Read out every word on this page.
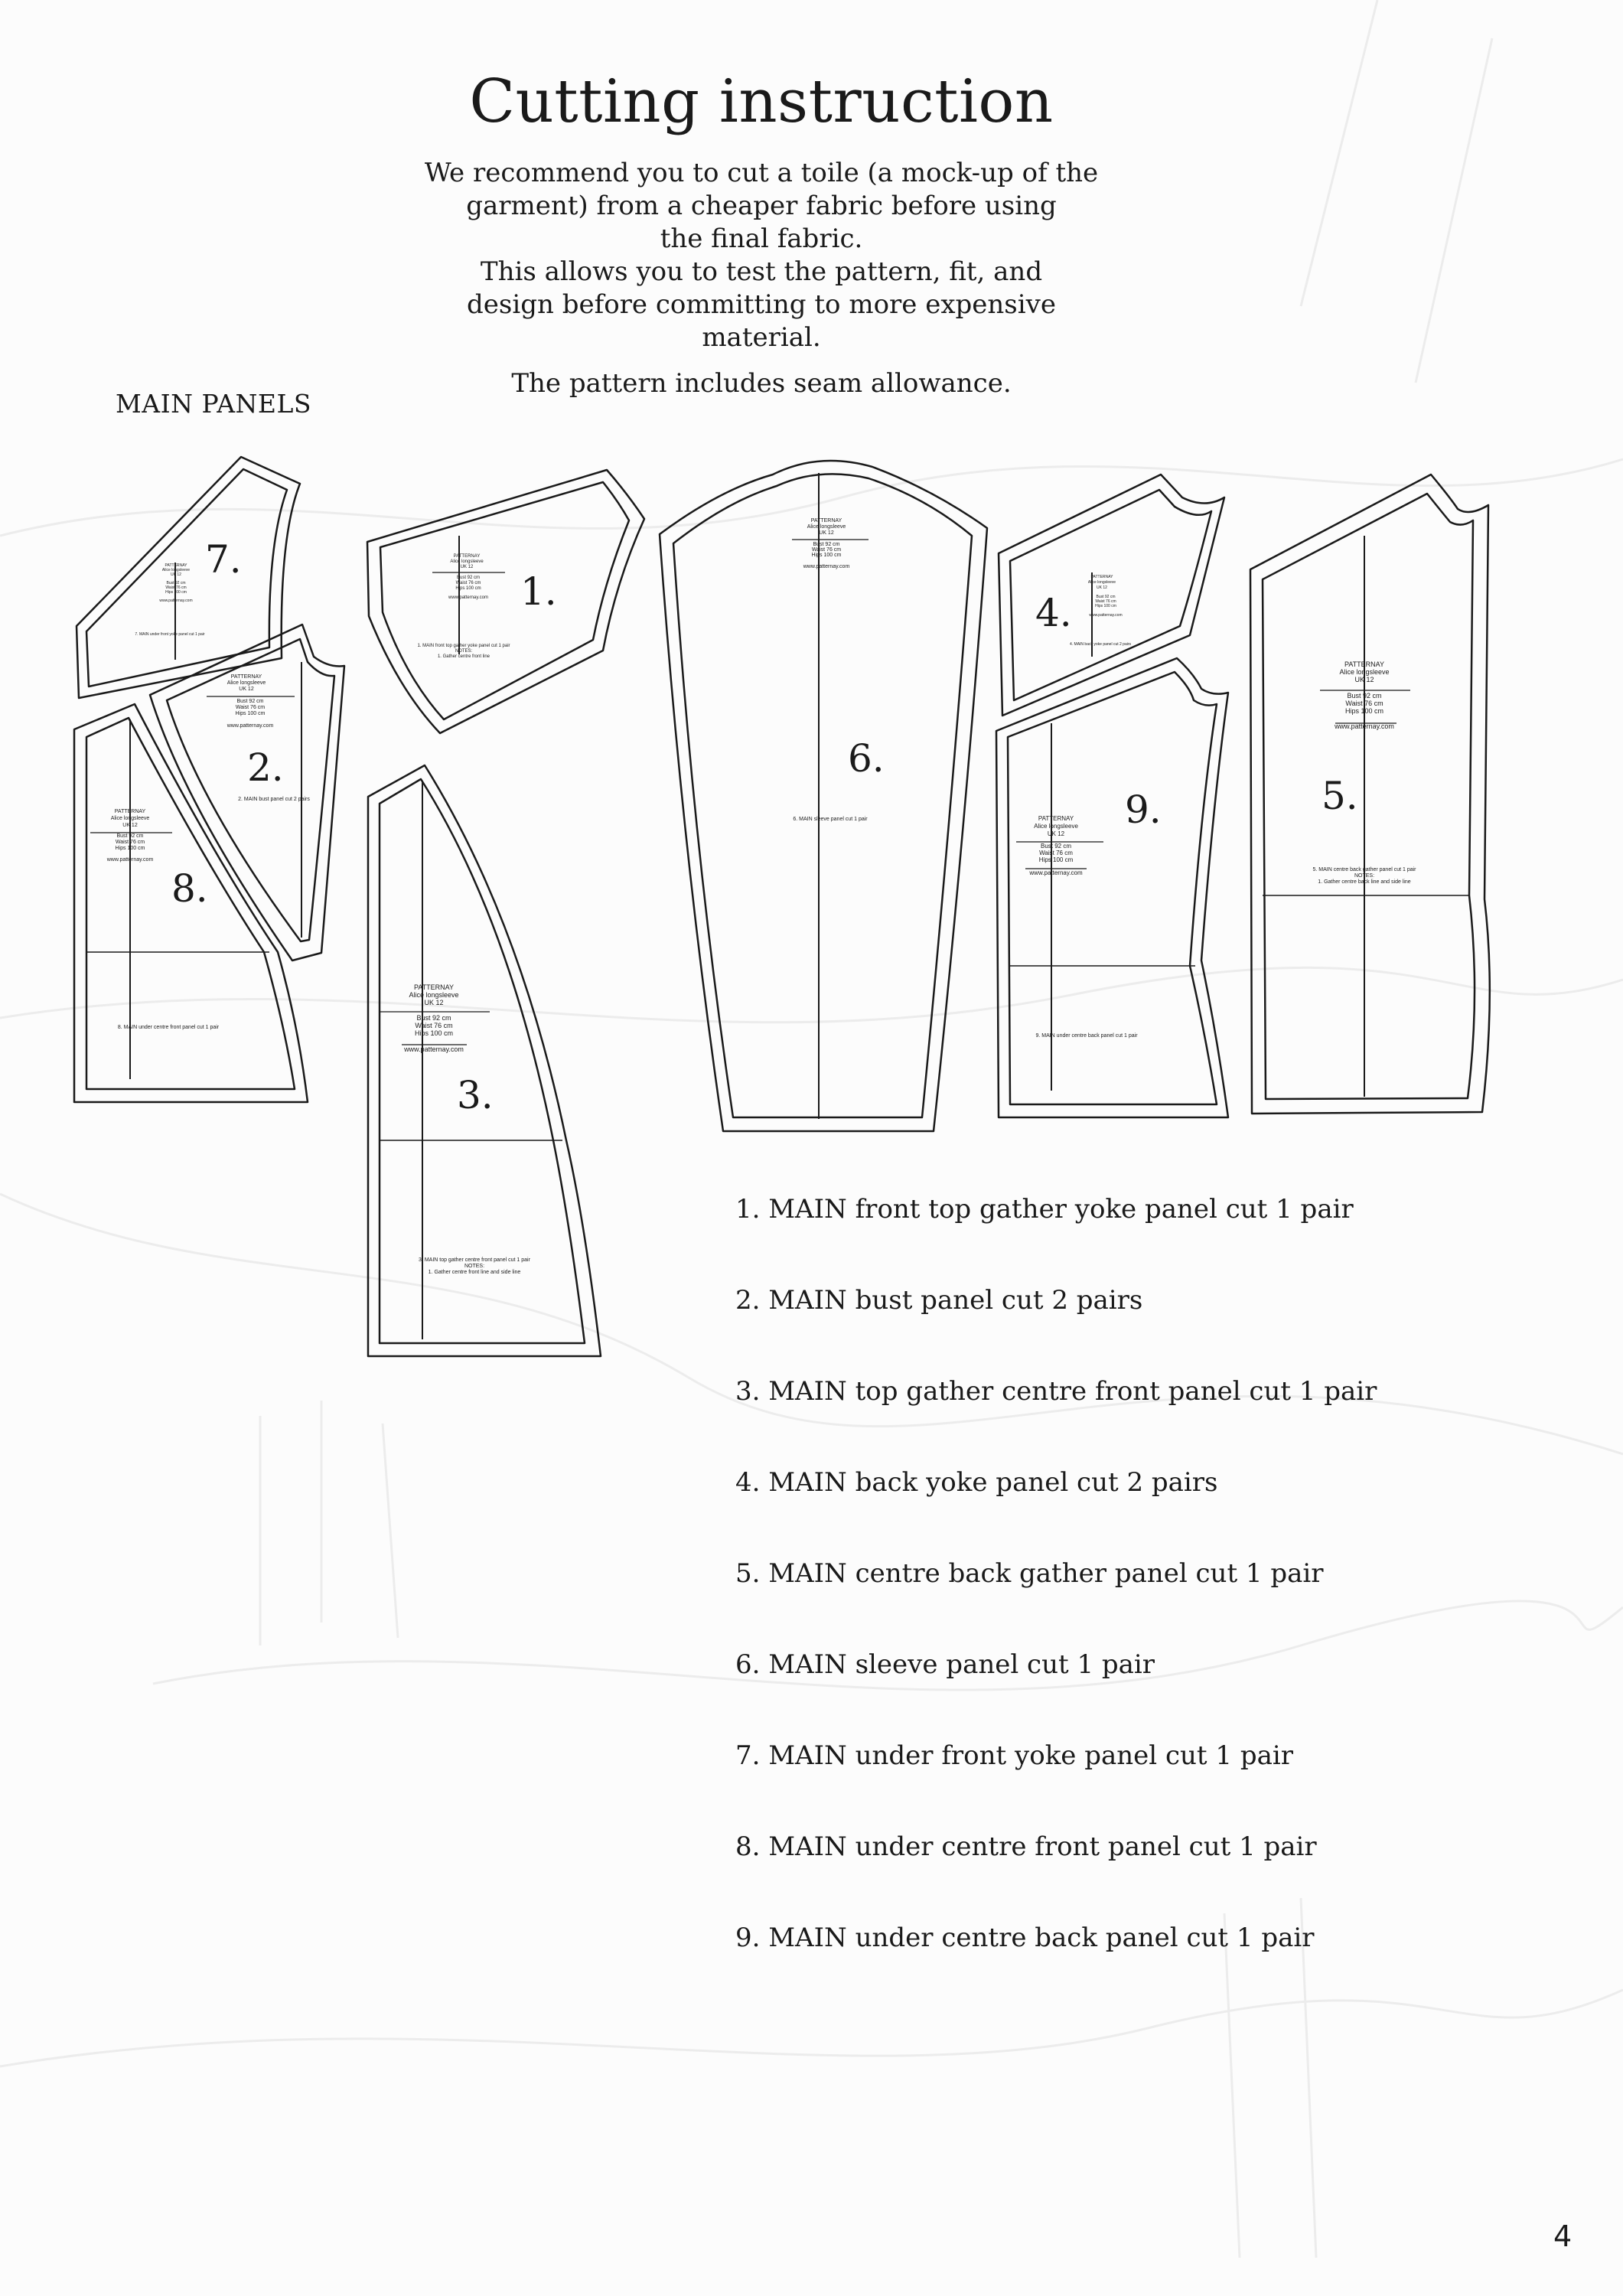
Cutting instruction

We recommend you to cut a toile (a mock-up of the

garment) from a cheaper fabric before using

the final fabric.

This allows you to test the pattern, fit, and

design before committing to more expensive

material.

The pattern includes seam allowance.

MAIN PANELS
7.
1.
6.
4.
5.
2.
8.
3.
9.
PATTERNAY
Alice longsleeve
UK 12
Bust 92 cm
Waist 76 cm
Hips 100 cm
www.patternay.com
5. MAIN centre back gather panel cut 1 pair
NOTES:
1. Gather centre back line and side line
PATTERNAY
Alice longsleeve
UK 12
Bust 92 cm
Waist 76 cm
Hips 100 cm
www.patternay.com
3. MAIN top gather centre front panel cut 1 pair
NOTES:
1. Gather centre front line and side line
PATTERNAY
Alice longsleeve
UK 12
Bust 92 cm
Waist 76 cm
Hips 100 cm
www.patternay.com
9. MAIN under centre back panel cut 1 pair
PATTERNAY
Alice longsleeve
UK 12
Bust 92 cm
Waist 76 cm
Hips 100 cm
www.patternay.com
8. MAIN under centre front panel cut 1 pair
PATTERNAY
Alice longsleeve
UK 12
Bust 92 cm
Waist 76 cm
Hips 100 cm
www.patternay.com
2. MAIN bust panel cut 2 pairs
PATTERNAY
Alice longsleeve
UK 12
Bust 92 cm
Waist 76 cm
Hips 100 cm
www.patternay.com
6. MAIN sleeve panel cut 1 pair
PATTERNAY
Alice longsleeve
UK 12
Bust 92 cm
Waist 76 cm
Hips 100 cm
www.patternay.com
1. MAIN front top gather yoke panel cut 1 pair
NOTES:
1. Gather centre front line
PATTERNAY
Alice longsleeve
UK 12
Bust 92 cm
Waist 76 cm
Hips 100 cm
www.patternay.com
4. MAIN back yoke panel cut 2 pairs
PATTERNAY
Alice longsleeve
UK 12
Bust 92 cm
Waist 76 cm
Hips 100 cm
www.patternay.com
7. MAIN under front yoke panel cut 1 pair
1. MAIN front top gather yoke panel cut 1 pair
2. MAIN bust panel cut 2 pairs
3. MAIN top gather centre front panel cut 1 pair
4. MAIN back yoke panel cut 2 pairs
5. MAIN centre back gather panel cut 1 pair
6. MAIN sleeve panel cut 1 pair
7. MAIN under front yoke panel cut 1 pair
8. MAIN under centre front panel cut 1 pair
9. MAIN under centre back panel cut 1 pair
4
